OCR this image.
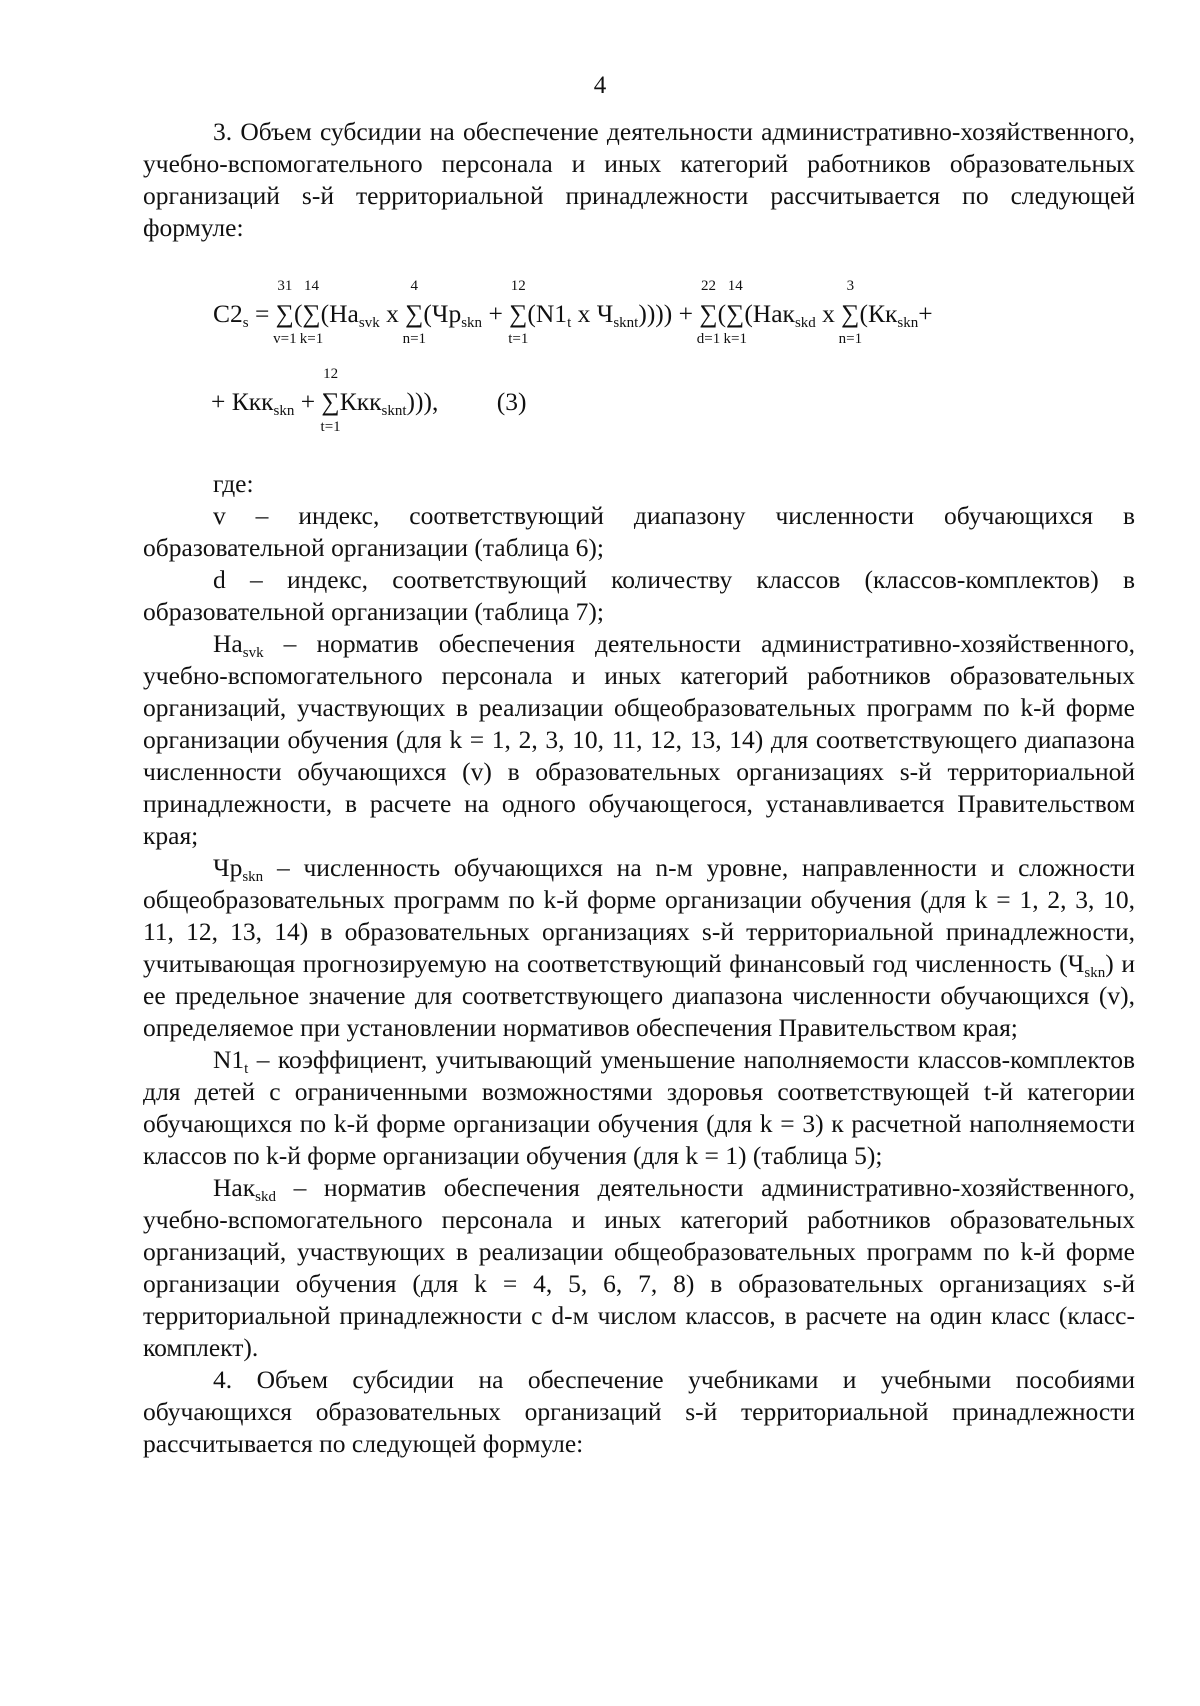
4

3. Объем субсидии на обеспечение деятельности административно-хозяйственного, учебно-вспомогательного персонала и иных категорий работников образовательных организаций s-й территориальной принадлежности рассчитывается по следующей формуле:

$С2_s$ = ∑
31
v=1
(∑
14
k=1
($На_{svk}$ х ∑
4
n=1
($Чр_{skn}$ + ∑
12
t=1
($N1_t$ х $Ч_{sknt}$)))) + ∑
22
d=1
(∑
14
k=1
(Нак$_{skd}$ х ∑
3
n=1
($Кк_{skn}+$
+ Ккк$_{skn}$ + ∑
12
t=1
Ккк$_{sknt}$))), (3)

где:

v – индекс, соответствующий диапазону численности обучающихся в образовательной организации (таблица 6);

d – индекс, соответствующий количеству классов (классов-комплектов) в образовательной организации (таблица 7);

$На_{svk}$ – норматив обеспечения деятельности административно-хозяйственного, учебно-вспомогательного персонала и иных категорий работников образовательных организаций, участвующих в реализации общеобразовательных программ по k-й форме организации обучения (для k = 1, 2, 3, 10, 11, 12, 13, 14) для соответствующего диапазона численности обучающихся (v) в образовательных организациях s-й территориальной принадлежности, в расчете на одного обучающегося, устанавливается Правительством края;

$Чр_{skn}$ – численность обучающихся на n-м уровне, направленности и сложности общеобразовательных программ по k-й форме организации обучения (для k = 1, 2, 3, 10, 11, 12, 13, 14) в образовательных организациях s-й территориальной принадлежности, учитывающая прогнозируемую на соответствующий финансовый год численность $(Ч_{skn})$ и ее предельное значение для соответствующего диапазона численности обучающихся (v), определяемое при установлении нормативов обеспечения Правительством края;

$N1_t$ – коэффициент, учитывающий уменьшение наполняемости классов-комплектов для детей с ограниченными возможностями здоровья соответствующей t-й категории обучающихся по k-й форме организации обучения (для k = 3) к расчетной наполняемости классов по k-й форме организации обучения (для k = 1) (таблица 5);

Нак$_{skd}$ – норматив обеспечения деятельности административно-хозяйственного, учебно-вспомогательного персонала и иных категорий работников образовательных организаций, участвующих в реализации общеобразовательных программ по k-й форме организации обучения (для k = 4, 5, 6, 7, 8) в образовательных организациях s-й территориальной принадлежности с d-м числом классов, в расчете на один класс (класс-комплект).

4. Объем субсидии на обеспечение учебниками и учебными пособиями обучающихся образовательных организаций s-й территориальной принадлежности рассчитывается по следующей формуле:
